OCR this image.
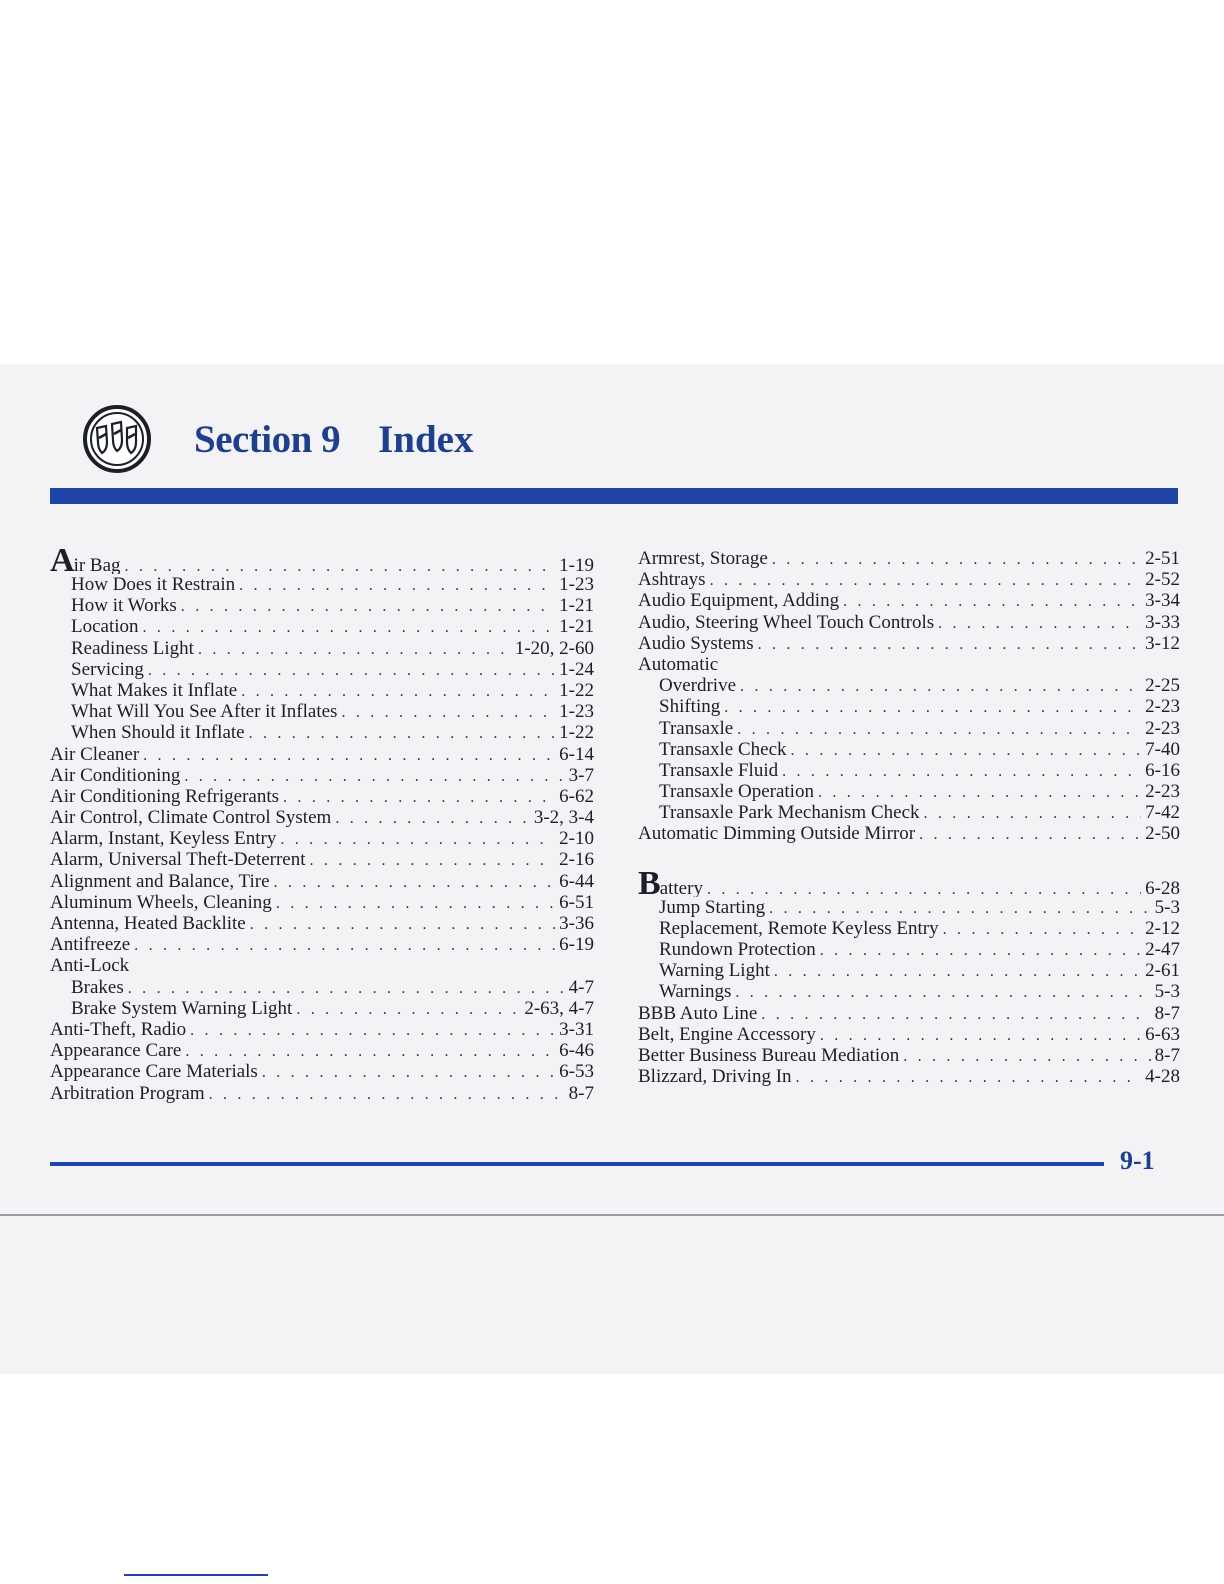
Section 9 Index
Air Bag . . .	1-19
How Does it Restrain . . .	1-23
How it Works . . .	1-21
Location . . .	1-21
Readiness Light . . .	1-20, 2-60
Servicing . . .	1-24
What Makes it Inflate . . .	1-22
What Will You See After it Inflates . . .	1-23
When Should it Inflate . . .	1-22
Air Cleaner . . .	6-14
Air Conditioning . . .	3-7
Air Conditioning Refrigerants . . .	6-62
Air Control, Climate Control System . . .	3-2, 3-4
Alarm, Instant, Keyless Entry . . .	2-10
Alarm, Universal Theft-Deterrent . . .	2-16
Alignment and Balance, Tire . . .	6-44
Aluminum Wheels, Cleaning . . .	6-51
Antenna, Heated Backlite . . .	3-36
Antifreeze . . .	6-19
Anti-Lock
Brakes . . .	4-7
Brake System Warning Light . . .	2-63, 4-7
Anti-Theft, Radio . . .	3-31
Appearance Care . . .	6-46
Appearance Care Materials . . .	6-53
Arbitration Program . . .	8-7
Armrest, Storage . . .	2-51
Ashtrays . . .	2-52
Audio Equipment, Adding . . .	3-34
Audio, Steering Wheel Touch Controls . . .	3-33
Audio Systems . . .	3-12
Automatic
Overdrive . . .	2-25
Shifting . . .	2-23
Transaxle . . .	2-23
Transaxle Check . . .	7-40
Transaxle Fluid . . .	6-16
Transaxle Operation . . .	2-23
Transaxle Park Mechanism Check . . .	7-42
Automatic Dimming Outside Mirror . . .	2-50
Battery . . .	6-28
Jump Starting . . .	5-3
Replacement, Remote Keyless Entry . . .	2-12
Rundown Protection . . .	2-47
Warning Light . . .	2-61
Warnings . . .	5-3
BBB Auto Line . . .	8-7
Belt, Engine Accessory . . .	6-63
Better Business Bureau Mediation . . .	8-7
Blizzard, Driving In . . .	4-28
9-1
